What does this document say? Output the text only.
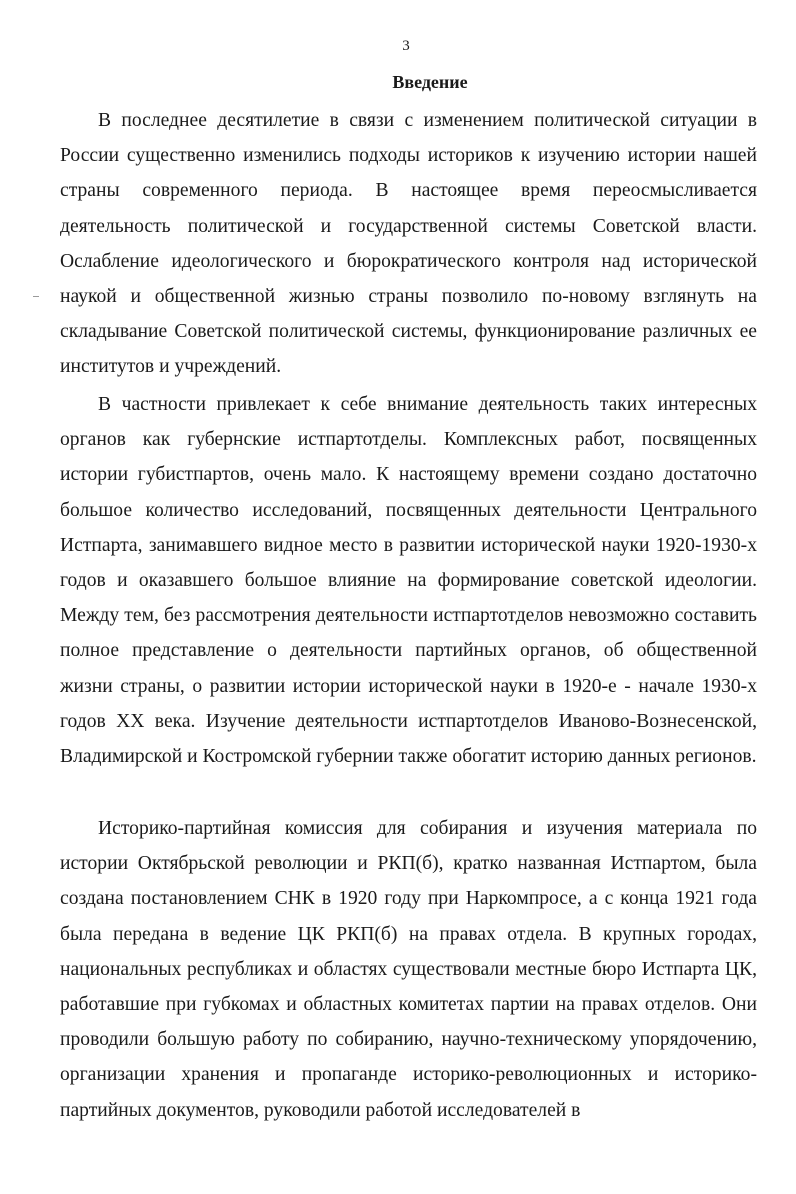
3
Введение

В последнее десятилетие в связи с изменением политической ситуации в России существенно изменились подходы историков к изучению истории нашей страны современного периода. В настоящее время переосмысливается деятельность политической и государственной системы Советской власти. Ослабление идеологического и бюрократического контроля над исторической наукой и общественной жизнью страны позволило по-новому взглянуть на складывание Советской политической системы, функционирование различных ее институтов и учреждений.

В частности привлекает к себе внимание деятельность таких интересных органов как губернские истпартотделы. Комплексных работ, посвященных истории губистпартов, очень мало. К настоящему времени создано достаточно большое количество исследований, посвященных деятельности Центрального Истпарта, занимавшего видное место в развитии исторической науки 1920-1930-х годов и оказавшего большое влияние на формирование советской идеологии. Между тем, без рассмотрения деятельности истпартотделов невозможно составить полное представление о деятельности партийных органов, об общественной жизни страны, о развитии истории исторической науки в 1920-е - начале 1930-х годов XX века. Изучение деятельности истпартотделов Иваново-Вознесенской, Владимирской и Костромской губернии также обогатит историю данных регионов.

Историко-партийная комиссия для собирания и изучения материала по истории Октябрьской революции и РКП(б), кратко названная Истпартом, была создана постановлением СНК в 1920 году при Наркомпросе, а с конца 1921 года была передана в ведение ЦК РКП(б) на правах отдела. В крупных городах, национальных республиках и областях существовали местные бюро Истпарта ЦК, работавшие при губкомах и областных комитетах партии на правах отделов. Они проводили большую работу по собиранию, научно-техническому упорядочению, организации хранения и пропаганде историко-революционных и историко-партийных документов, руководили работой исследователей в
